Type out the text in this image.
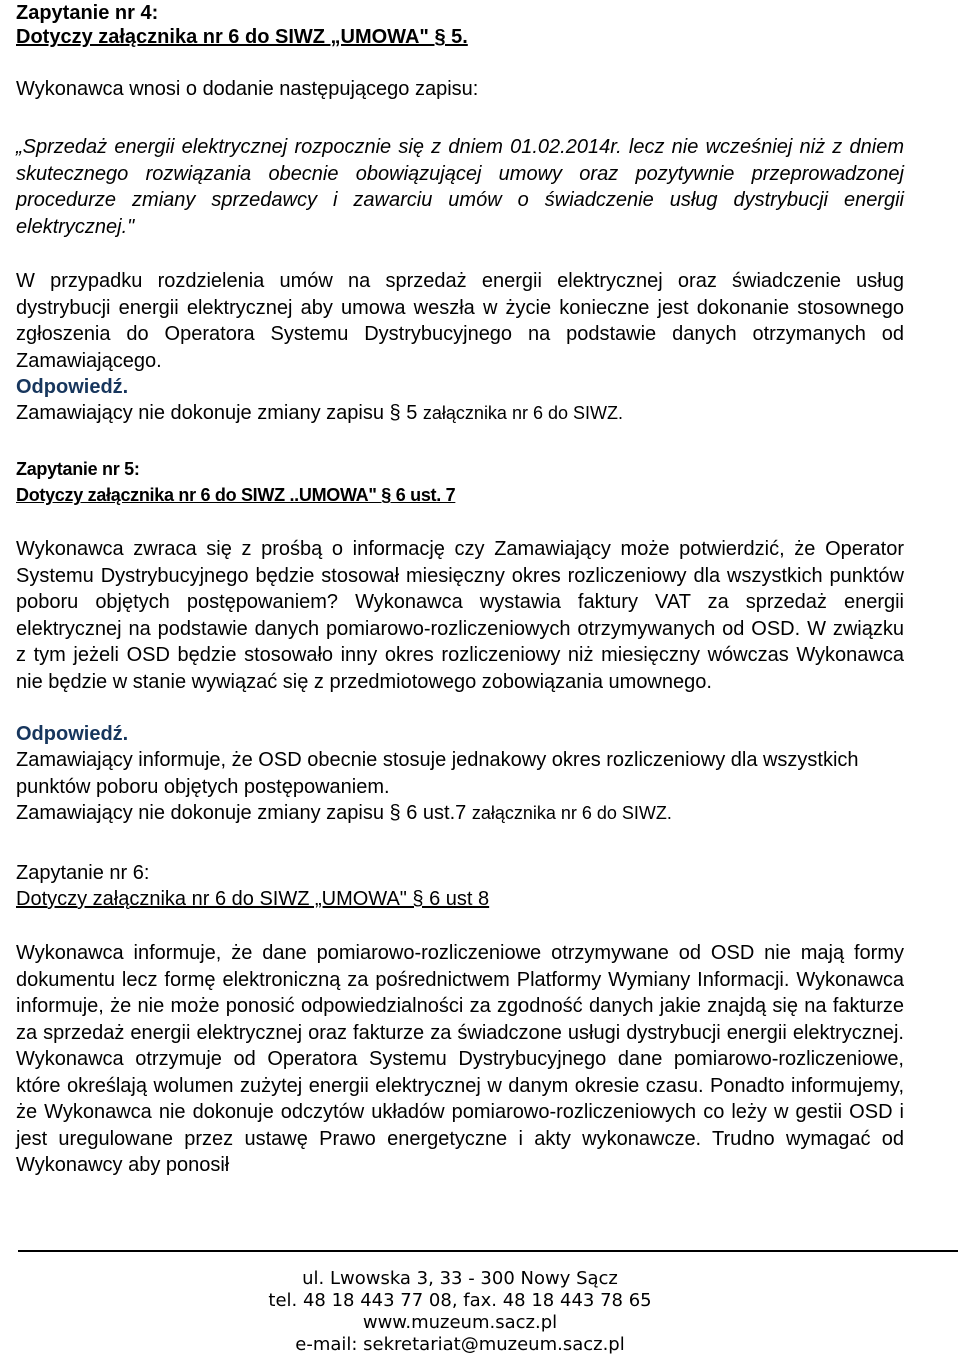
Zapytanie nr 4:

Dotyczy załącznika nr 6 do SIWZ „UMOWA" § 5.

Wykonawca wnosi o dodanie następującego zapisu:

„Sprzedaż energii elektrycznej rozpocznie się z dniem 01.02.2014r. lecz nie wcześniej niż z dniem skutecznego rozwiązania obecnie obowiązującej umowy oraz pozytywnie przeprowadzonej procedurze zmiany sprzedawcy i zawarciu umów o świadczenie usług dystrybucji energii elektrycznej."

W przypadku rozdzielenia umów na sprzedaż energii elektrycznej oraz świadczenie usług dystrybucji energii elektrycznej aby umowa weszła w życie konieczne jest dokonanie stosownego zgłoszenia do Operatora Systemu Dystrybucyjnego na podstawie danych otrzymanych od Zamawiającego.

Odpowiedź.

Zamawiający nie dokonuje zmiany zapisu § 5 załącznika nr 6 do SIWZ.

Zapytanie nr 5:

Dotyczy załącznika nr 6 do SIWZ ..UMOWA" § 6 ust. 7

Wykonawca zwraca się z prośbą o informację czy Zamawiający może potwierdzić, że Operator Systemu Dystrybucyjnego będzie stosował miesięczny okres rozliczeniowy dla wszystkich punktów poboru objętych postępowaniem? Wykonawca wystawia faktury VAT za sprzedaż energii elektrycznej na podstawie danych pomiarowo-rozliczeniowych otrzymywanych od OSD. W związku z tym jeżeli OSD będzie stosowało inny okres rozliczeniowy niż miesięczny wówczas Wykonawca nie będzie w stanie wywiązać się z przedmiotowego zobowiązania umownego.

Odpowiedź.

Zamawiający informuje, że OSD obecnie stosuje jednakowy okres rozliczeniowy dla wszystkich punktów poboru objętych postępowaniem.

Zamawiający nie dokonuje zmiany zapisu § 6 ust.7 załącznika nr 6 do SIWZ.

Zapytanie nr 6:

Dotyczy załącznika nr 6 do SIWZ „UMOWA" § 6 ust 8

Wykonawca informuje, że dane pomiarowo-rozliczeniowe otrzymywane od OSD nie mają formy dokumentu lecz formę elektroniczną za pośrednictwem Platformy Wymiany Informacji. Wykonawca informuje, że nie może ponosić odpowiedzialności za zgodność danych jakie znajdą się na fakturze za sprzedaż energii elektrycznej oraz fakturze za świadczone usługi dystrybucji energii elektrycznej. Wykonawca otrzymuje od Operatora Systemu Dystrybucyjnego dane pomiarowo-rozliczeniowe, które określają wolumen zużytej energii elektrycznej w danym okresie czasu. Ponadto informujemy, że Wykonawca nie dokonuje odczytów układów pomiarowo-rozliczeniowych co leży w gestii OSD i jest uregulowane przez ustawę Prawo energetyczne i akty wykonawcze. Trudno wymagać od Wykonawcy aby ponosił

ul. Lwowska 3, 33 - 300 Nowy Sącz
tel. 48 18 443 77 08, fax. 48 18 443 78 65
www.muzeum.sacz.pl
e-mail: sekretariat@muzeum.sacz.pl
